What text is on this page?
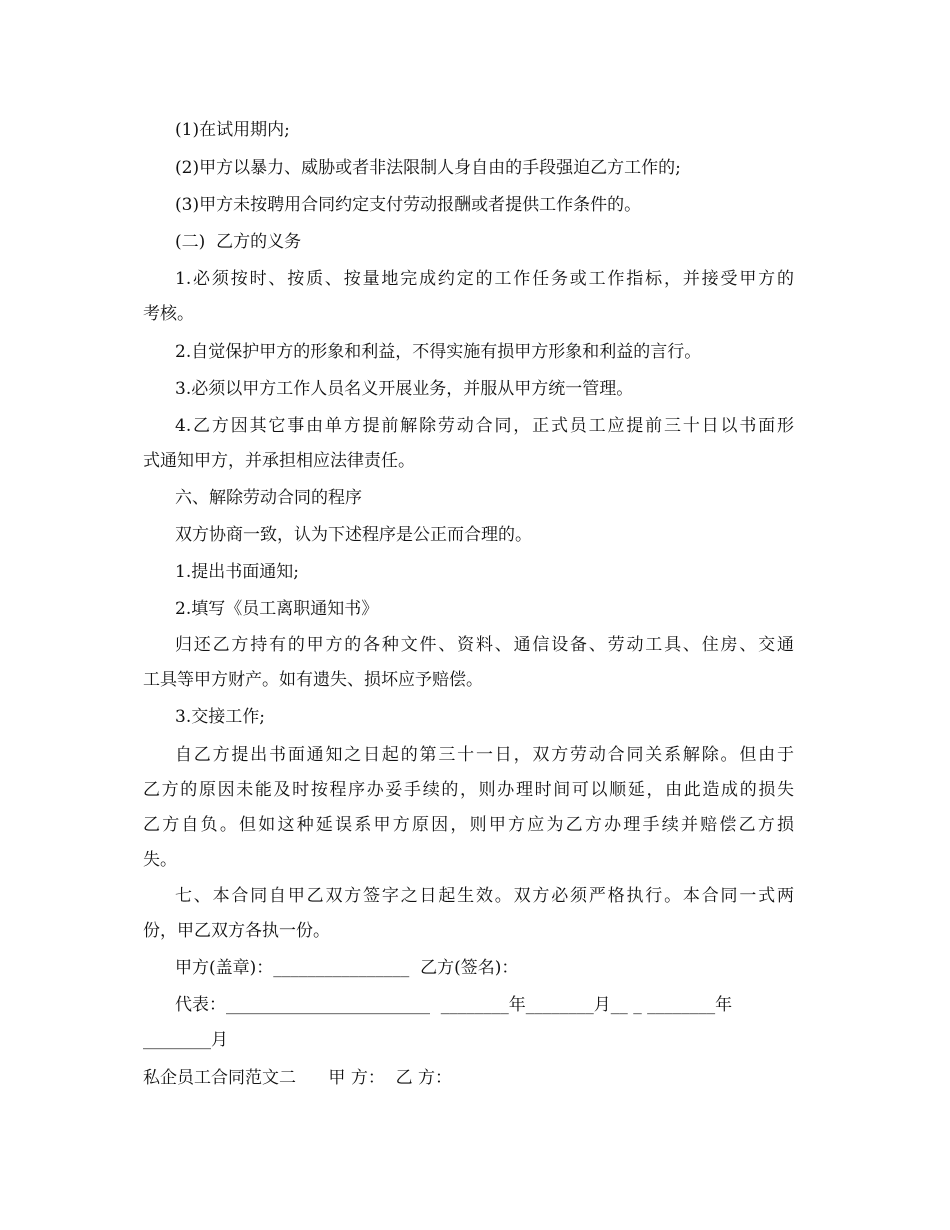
(1)在试用期内;
(2)甲方以暴力、威胁或者非法限制人身自由的手段强迫乙方工作的;
(3)甲方未按聘用合同约定支付劳动报酬或者提供工作条件的。
(二)  乙方的义务
1.必须按时、按质、按量地完成约定的工作任务或工作指标，并接受甲方的
考核。
2.自觉保护甲方的形象和利益，不得实施有损甲方形象和利益的言行。
3.必须以甲方工作人员名义开展业务，并服从甲方统一管理。
4.乙方因其它事由单方提前解除劳动合同，正式员工应提前三十日以书面形
式通知甲方，并承担相应法律责任。
六、解除劳动合同的程序
双方协商一致，认为下述程序是公正而合理的。
1.提出书面通知;
2.填写《员工离职通知书》
归还乙方持有的甲方的各种文件、资料、通信设备、劳动工具、住房、交通
工具等甲方财产。如有遗失、损坏应予赔偿。
3.交接工作;
自乙方提出书面通知之日起的第三十一日，双方劳动合同关系解除。但由于
乙方的原因未能及时按程序办妥手续的，则办理时间可以顺延，由此造成的损失
乙方自负。但如这种延误系甲方原因，则甲方应为乙方办理手续并赔偿乙方损
失。
七、本合同自甲乙双方签字之日起生效。双方必须严格执行。本合同一式两
份，甲乙双方各执一份。
甲方(盖章)：________________  乙方(签名)：
代表：________________________  ________年________月__ _ ________年
________月
私企员工合同范文二      甲 方：  乙 方：
